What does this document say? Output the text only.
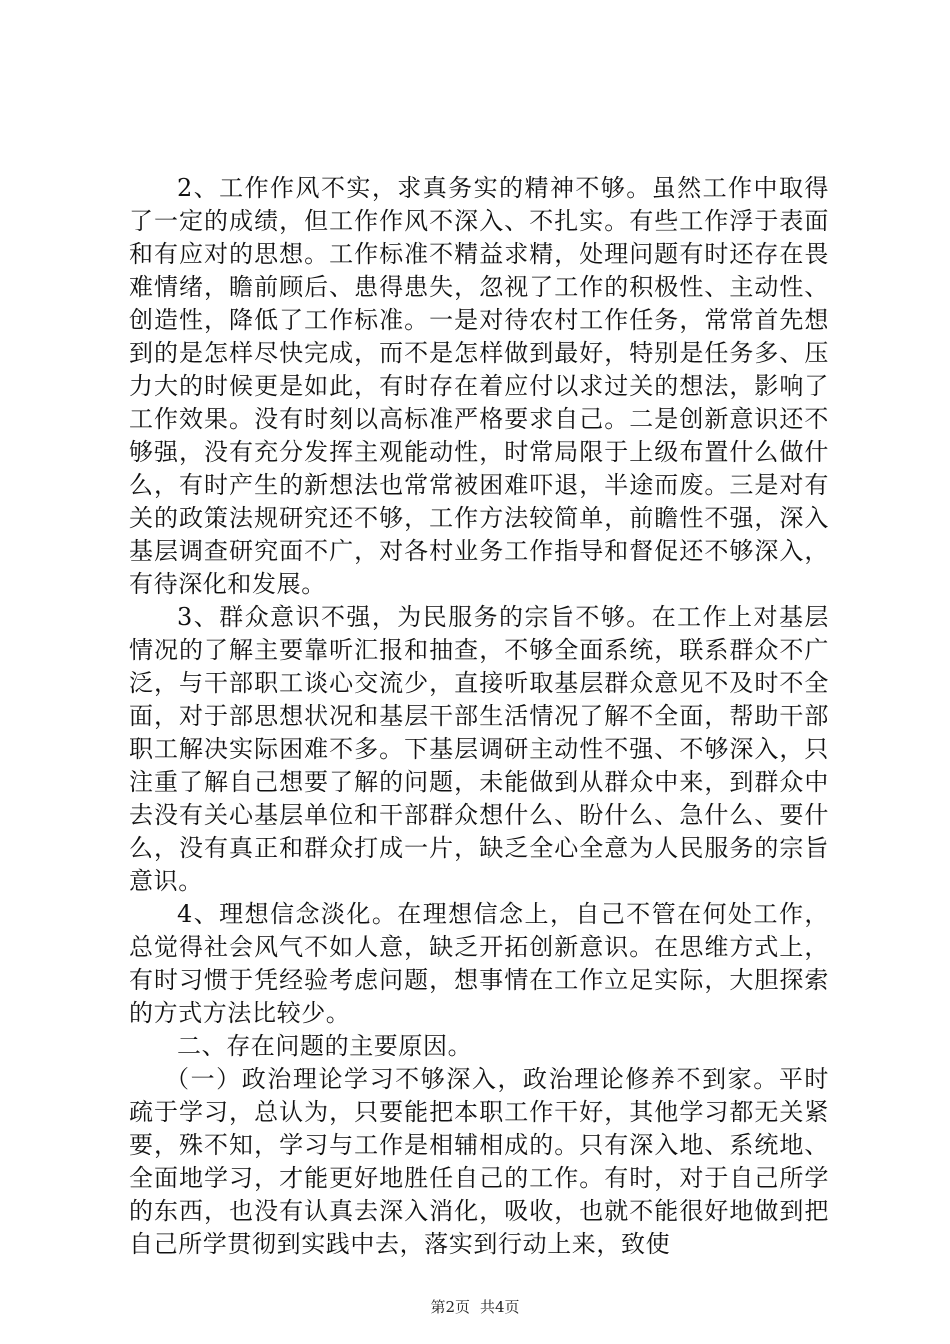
2、工作作风不实，求真务实的精神不够。虽然工作中取得了一定的成绩，但工作作风不深入、不扎实。有些工作浮于表面和有应对的思想。工作标准不精益求精，处理问题有时还存在畏难情绪，瞻前顾后、患得患失，忽视了工作的积极性、主动性、创造性，降低了工作标准。一是对待农村工作任务，常常首先想到的是怎样尽快完成，而不是怎样做到最好，特别是任务多、压力大的时候更是如此，有时存在着应付以求过关的想法，影响了工作效果。没有时刻以高标准严格要求自己。二是创新意识还不够强，没有充分发挥主观能动性，时常局限于上级布置什么做什么，有时产生的新想法也常常被困难吓退，半途而废。三是对有关的政策法规研究还不够，工作方法较简单，前瞻性不强，深入基层调查研究面不广，对各村业务工作指导和督促还不够深入，有待深化和发展。

3、群众意识不强，为民服务的宗旨不够。在工作上对基层情况的了解主要靠听汇报和抽查，不够全面系统，联系群众不广泛，与干部职工谈心交流少，直接听取基层群众意见不及时不全面，对于部思想状况和基层干部生活情况了解不全面，帮助干部职工解决实际困难不多。下基层调研主动性不强、不够深入，只注重了解自己想要了解的问题，未能做到从群众中来，到群众中去没有关心基层单位和干部群众想什么、盼什么、急什么、要什么，没有真正和群众打成一片，缺乏全心全意为人民服务的宗旨意识。

4、理想信念淡化。在理想信念上，自己不管在何处工作，总觉得社会风气不如人意，缺乏开拓创新意识。在思维方式上，有时习惯于凭经验考虑问题，想事情在工作立足实际，大胆探索的方式方法比较少。

二、存在问题的主要原因。

（一）政治理论学习不够深入，政治理论修养不到家。平时疏于学习，总认为，只要能把本职工作干好，其他学习都无关紧要，殊不知，学习与工作是相辅相成的。只有深入地、系统地、全面地学习，才能更好地胜任自己的工作。有时，对于自己所学的东西，也没有认真去深入消化，吸收，也就不能很好地做到把自己所学贯彻到实践中去，落实到行动上来，致使

第2页 共4页
